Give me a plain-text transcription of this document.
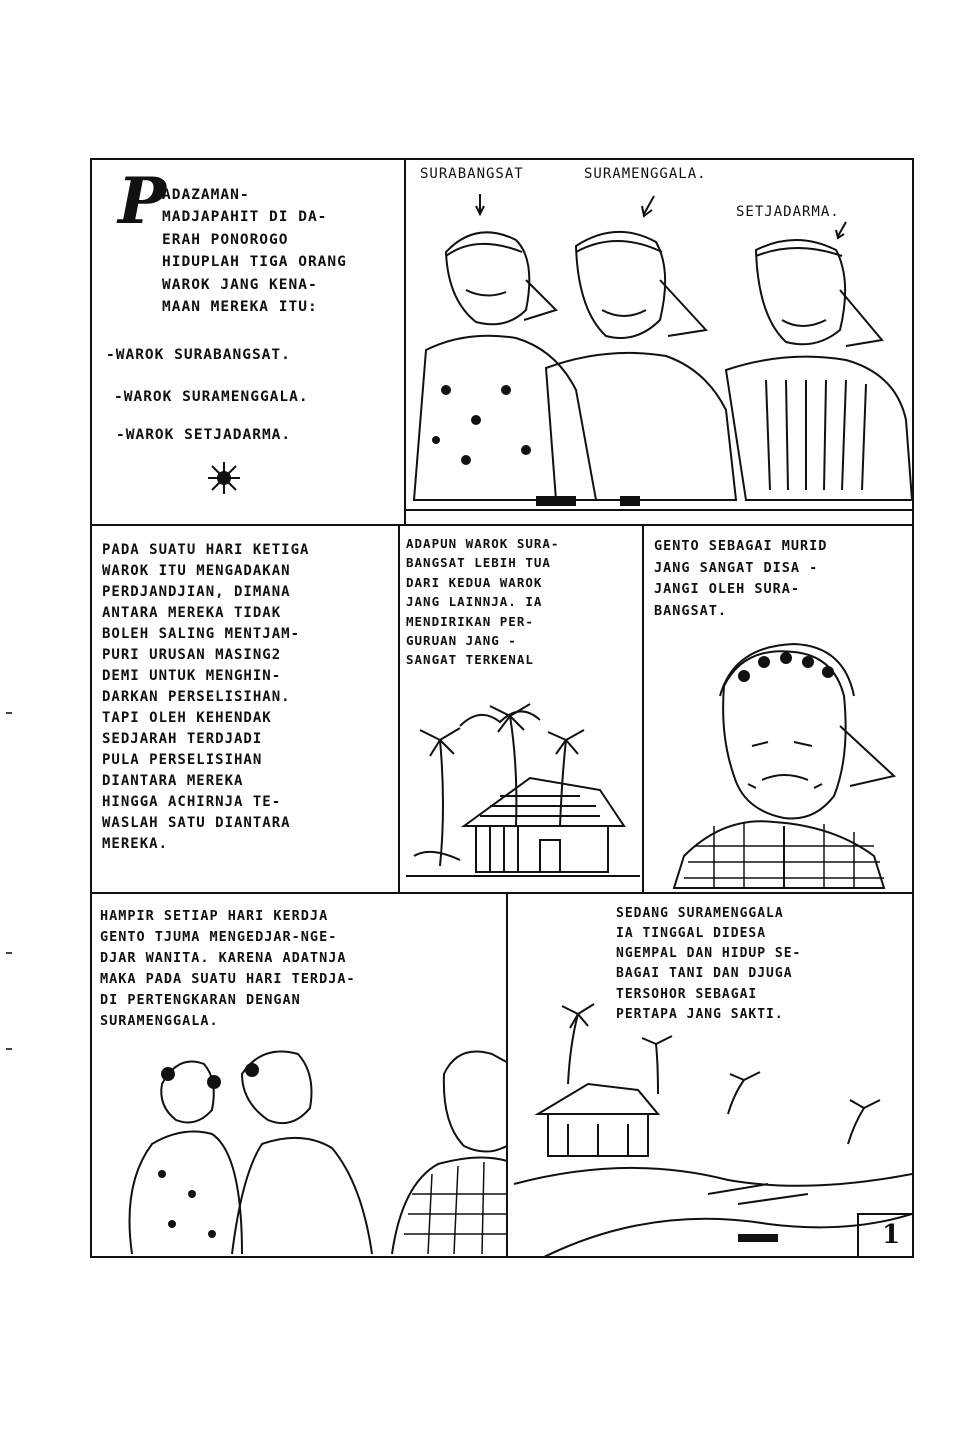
P
ADAZAMAN-
MADJAPAHIT DI DA-
ERAH PONOROGO
HIDUPLAH TIGA ORANG
WAROK JANG KENA-
MAAN MEREKA ITU:
-WAROK SURABANGSAT.
-WAROK SURAMENGGALA.
-WAROK SETJADARMA.
SURABANGSAT	SURAMENGGALA.
SETJADARMA.
PADA SUATU HARI KETIGA
WAROK ITU MENGADAKAN
PERDJANDJIAN, DIMANA
ANTARA MEREKA TIDAK
BOLEH SALING MENTJAM-
PURI URUSAN MASING2
DEMI UNTUK MENGHIN-
DARKAN PERSELISIHAN.
TAPI OLEH KEHENDAK
SEDJARAH TERDJADI
PULA PERSELISIHAN
DIANTARA MEREKA
HINGGA ACHIRNJA TE-
WASLAH SATU DIANTARA
MEREKA.
ADAPUN WAROK SURA-
BANGSAT LEBIH TUA
DARI KEDUA WAROK
JANG LAINNJA. IA
MENDIRIKAN PER-
GURUAN JANG -
SANGAT TERKENAL
GENTO SEBAGAI MURID
JANG SANGAT DISA -
JANGI OLEH SURA-
BANGSAT.
HAMPIR SETIAP HARI KERDJA
GENTO TJUMA MENGEDJAR-NGE-
DJAR WANITA. KARENA ADATNJA
MAKA PADA SUATU HARI TERDJA-
DI PERTENGKARAN DENGAN
SURAMENGGALA.
SEDANG SURAMENGGALA
IA TINGGAL DIDESA
NGEMPAL DAN HIDUP SE-
BAGAI TANI DAN DJUGA
TERSOHOR SEBAGAI
PERTAPA JANG SAKTI.
1
